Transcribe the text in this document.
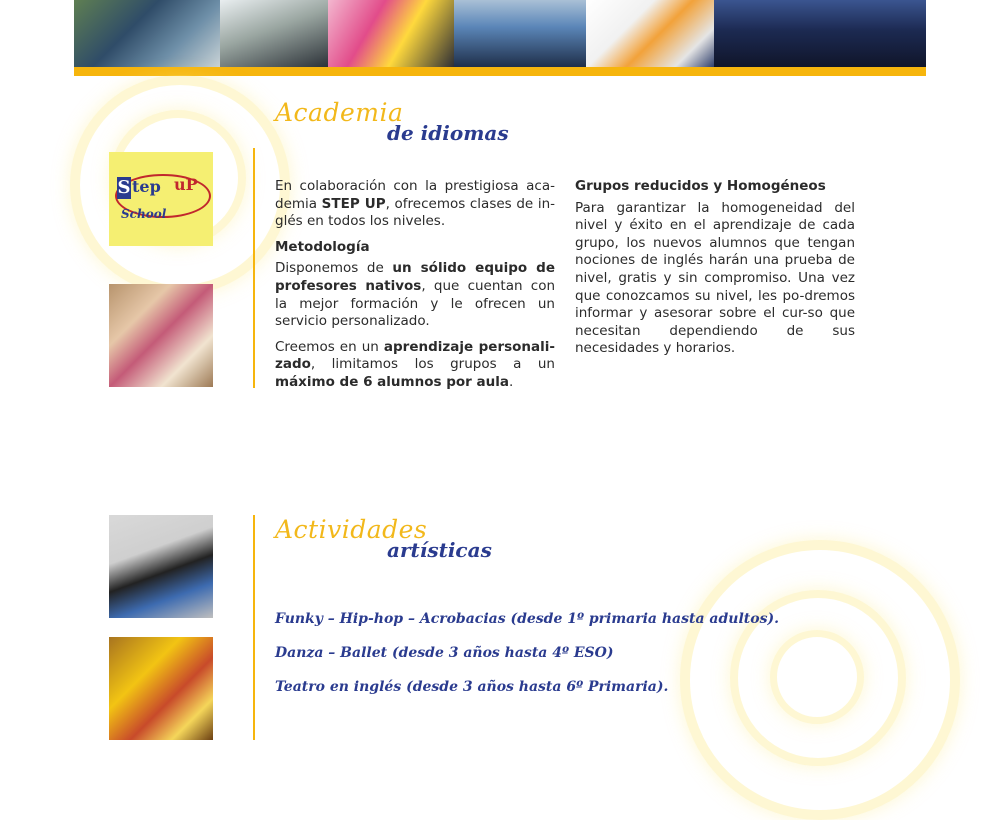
Academia
de idiomas
S tep uP
School

En colaboración con la prestigiosa aca-demia STEP UP, ofrecemos clases de in-glés en todos los niveles.

Metodología

Disponemos de un sólido equipo de profesores nativos, que cuentan con la mejor formación y le ofrecen un servicio personalizado.

Creemos en un aprendizaje personali-zado, limitamos los grupos a un máximo de 6 alumnos por aula.

Grupos reducidos y Homogéneos

Para garantizar la homogeneidad del nivel y éxito en el aprendizaje de cada grupo, los nuevos alumnos que tengan nociones de inglés harán una prueba de nivel, gratis y sin compromiso. Una vez que conozcamos su nivel, les po-dremos informar y asesorar sobre el cur-so que necesitan dependiendo de sus necesidades y horarios.

Actividades
artísticas
Funky – Hip-hop – Acrobacias (desde 1º primaria hasta adultos).
Danza – Ballet (desde 3 años hasta 4º ESO)
Teatro en inglés (desde 3 años hasta 6º Primaria).
